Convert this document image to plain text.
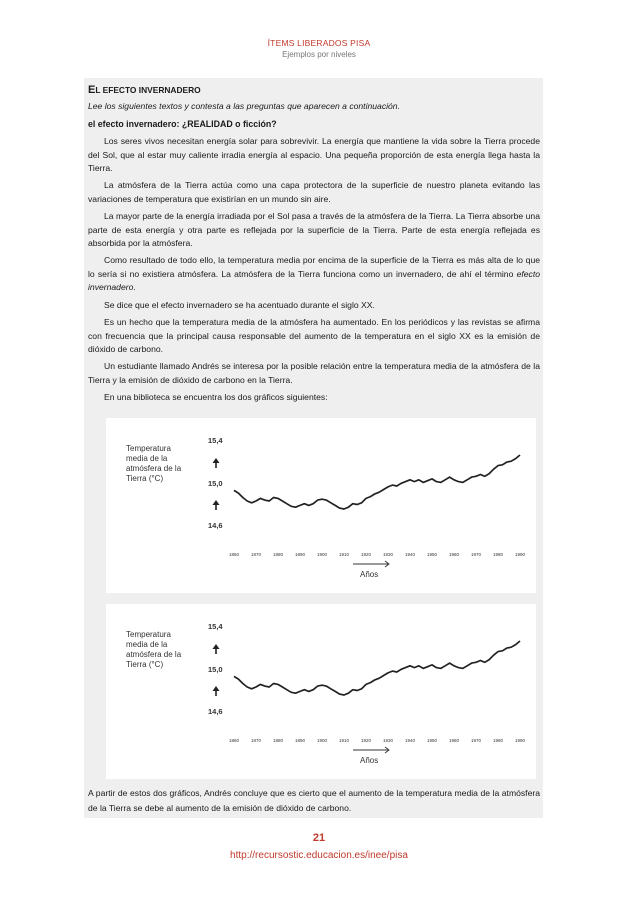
ÍTEMS LIBERADOS PISA
Ejemplos por niveles

EL EFECTO INVERNADERO

Lee los siguientes textos y contesta a las preguntas que aparecen a continuación.

el efecto invernadero: ¿REALIDAD o ficción?

Los seres vivos necesitan energía solar para sobrevivir. La energía que mantiene la vida sobre la Tierra procede del Sol, que al estar muy caliente irradia energía al espacio. Una pequeña proporción de esta energía llega hasta la Tierra.

La atmósfera de la Tierra actúa como una capa protectora de la superficie de nuestro planeta evitando las variaciones de temperatura que existirían en un mundo sin aire.

La mayor parte de la energía irradiada por el Sol pasa a través de la atmósfera de la Tierra. La Tierra absorbe una parte de esta energía y otra parte es reflejada por la superficie de la Tierra. Parte de esta energía reflejada es absorbida por la atmósfera.

Como resultado de todo ello, la temperatura media por encima de la superficie de la Tierra es más alta de lo que lo sería si no existiera atmósfera. La atmósfera de la Tierra funciona como un invernadero, de ahí el término efecto invernadero.

Se dice que el efecto invernadero se ha acentuado durante el siglo XX.

Es un hecho que la temperatura media de la atmósfera ha aumentado. En los periódicos y las revistas se afirma con frecuencia que la principal causa responsable del aumento de la temperatura en el siglo XX es la emisión de dióxido de carbono.

Un estudiante llamado Andrés se interesa por la posible relación entre la temperatura media de la atmósfera de la Tierra y la emisión de dióxido de carbono en la Tierra.

En una biblioteca se encuentra los dos gráficos siguientes:

Temperatura media de la atmósfera de la Tierra (°C)
15,4
15,0
14,6
1860	1870	1880	1890	1900	1910	1920	1930	1940	1950	1960	1970	1980	1990
Años
Temperatura media de la atmósfera de la Tierra (°C)
15,4
15,0
14,6
1860	1870	1880	1890	1900	1910	1920	1930	1940	1950	1960	1970	1980	1990
Años

A partir de estos dos gráficos, Andrés concluye que es cierto que el aumento de la temperatura media de la atmósfera de la Tierra se debe al aumento de la emisión de dióxido de carbono.

21
http://recursostic.educacion.es/inee/pisa
